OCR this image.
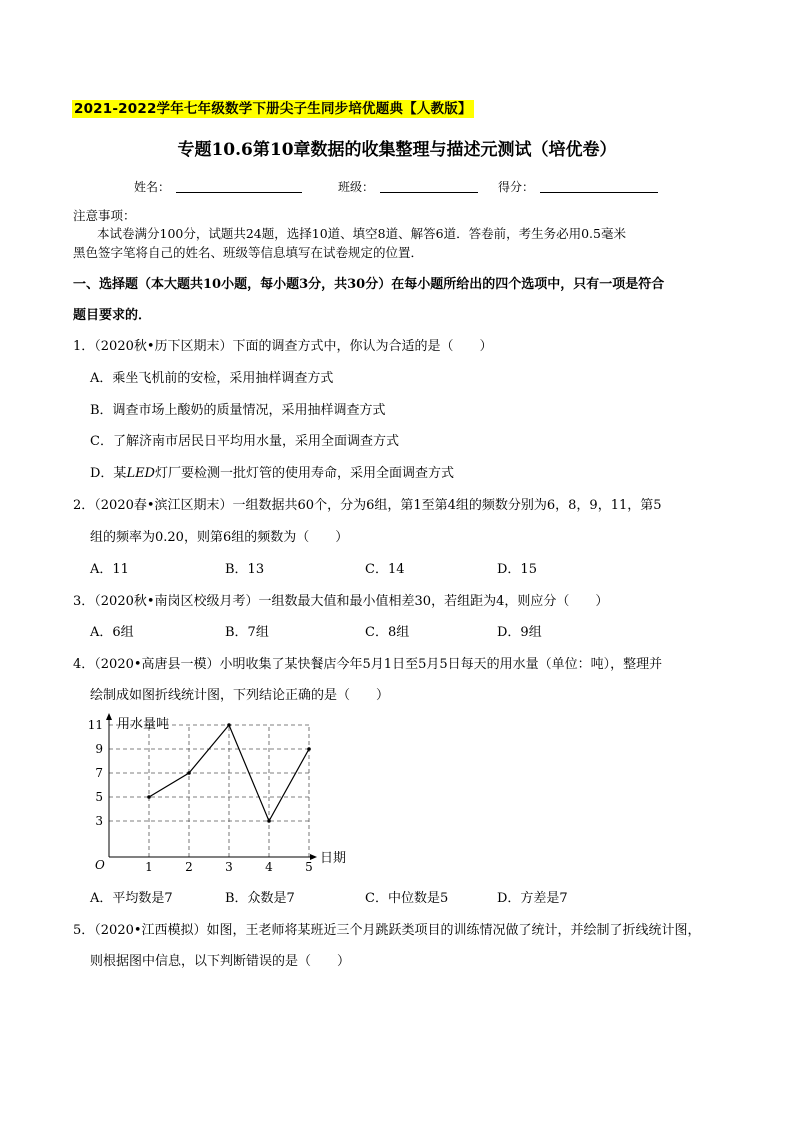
2021-2022学年七年级数学下册尖子生同步培优题典【人教版】
专题10.6第10章数据的收集整理与描述元测试（培优卷）
姓名：	班级：	得分：
注意事项：
本试卷满分100分，试题共24题，选择10道、填空8道、解答6道．答卷前，考生务必用0.5毫米
黑色签字笔将自己的姓名、班级等信息填写在试卷规定的位置．
一、选择题（本大题共10小题，每小题3分，共30分）在每小题所给出的四个选项中，只有一项是符合
题目要求的．
1．（2020秋•历下区期末）下面的调查方式中，你认为合适的是（　　）
A．乘坐飞机前的安检，采用抽样调查方式
B．调查市场上酸奶的质量情况，采用抽样调查方式
C．了解济南市居民日平均用水量，采用全面调查方式
D．某LED灯厂要检测一批灯管的使用寿命，采用全面调查方式
2．（2020春•滨江区期末）一组数据共60个，分为6组，第1至第4组的频数分别为6，8，9，11，第5
组的频率为0.20，则第6组的频数为（　　）
A．11	B．13	C．14	D．15
3．（2020秋•南岗区校级月考）一组数最大值和最小值相差30，若组距为4，则应分（　　）
A．6组	B．7组	C．8组	D．9组
4．（2020•高唐县一模）小明收集了某快餐店今年5月1日至5月5日每天的用水量（单位：吨），整理并
绘制成如图折线统计图，下列结论正确的是（　　）
用水量吨
日期
O
3
5
7
9
11
1	2	3	4	5
A．平均数是7	B．众数是7	C．中位数是5	D．方差是7
5．（2020•江西模拟）如图，王老师将某班近三个月跳跃类项目的训练情况做了统计，并绘制了折线统计图，
则根据图中信息，以下判断错误的是（　　）
